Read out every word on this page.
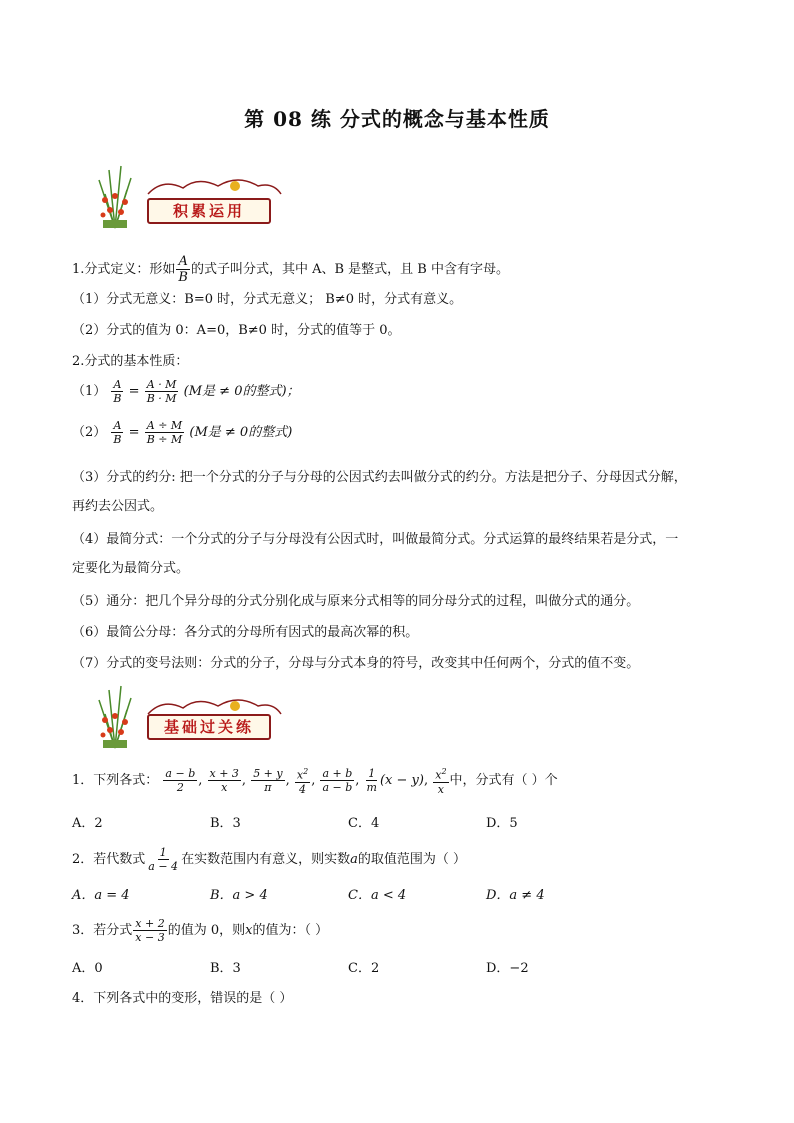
第 08 练 分式的概念与基本性质
积累运用
1.分式定义：形如 $\frac{A}{B}$ 的式子叫分式，其中 A、B 是整式，且 B 中含有字母。
（1）分式无意义：B=0 时，分式无意义； B≠0 时，分式有意义。
（2）分式的值为 0：A=0，B≠0 时，分式的值等于 0。
2.分式的基本性质：
$(1) \frac{A}{B} = \frac{A \cdot M}{B \cdot M} (M$是 ≠ 0的整式)；
$(2) \frac{A}{B} = \frac{A \div M}{B \div M} (M$是 ≠ 0的整式)
（3）分式的约分: 把一个分式的分子与分母的公因式约去叫做分式的约分。方法是把分子、分母因式分解，
再约去公因式。
（4）最简分式：一个分式的分子与分母没有公因式时，叫做最简分式。分式运算的最终结果若是分式，一
定要化为最简分式。
（5）通分：把几个异分母的分式分别化成与原来分式相等的同分母分式的过程，叫做分式的通分。
（6）最简公分母：各分式的分母所有因式的最高次幂的积。
（7）分式的变号法则：分式的分子，分母与分式本身的符号，改变其中任何两个，分式的值不变。
基础过关练
1．下列各式： $\frac{a - b}{2}$ , $\frac{x + 3}{x}$ , $\frac{5 + y}{\pi}$ , $\frac{x^2}{4}$ , $\frac{a + b}{a - b}$ , $\frac{1}{m} (x - y)$, $\frac{x^2}{x}$ 中，分式有（ ）个
A．2	B．3	C．4	D．5
2．若代数式 $\frac{1}{a - 4}$ 在实数范围内有意义，则实数a的取值范围为（ ）
A．a = 4	B．a > 4	C．a < 4	D．a ≠ 4
3．若分式 $\frac{x + 2}{x - 3}$ 的值为 0，则x的值为：（ ）
A．0	B．3	C．2	D．−2
4．下列各式中的变形，错误的是（ ）
